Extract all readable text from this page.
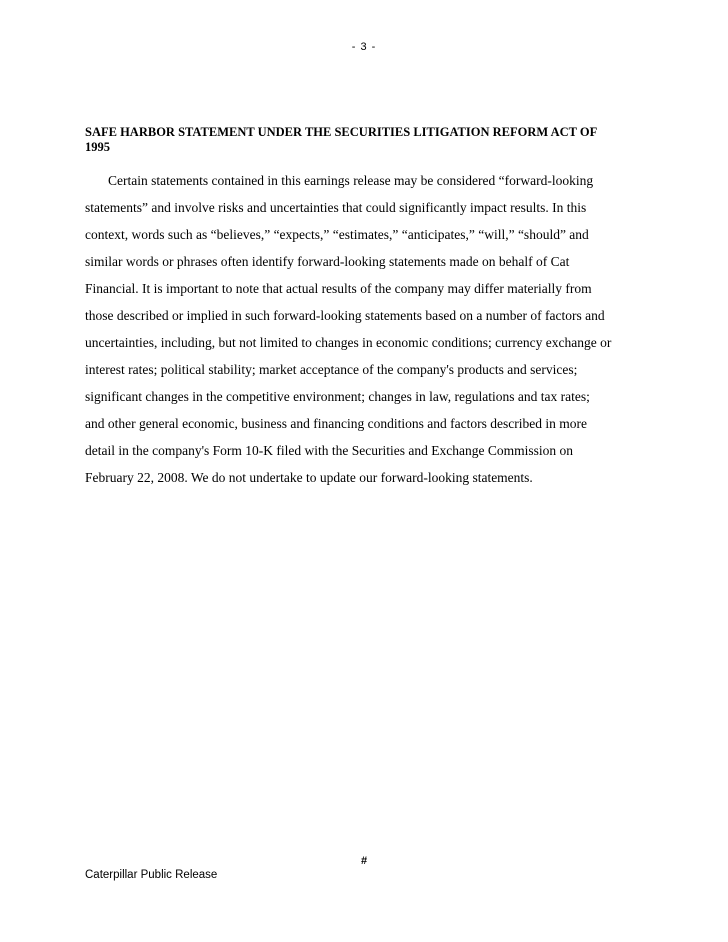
- 3 -
SAFE HARBOR STATEMENT UNDER THE SECURITIES LITIGATION REFORM ACT OF
1995
Certain statements contained in this earnings release may be considered “forward-looking
statements” and involve risks and uncertainties that could significantly impact results. In this
context, words such as “believes,” “expects,” “estimates,” “anticipates,” “will,” “should” and
similar words or phrases often identify forward-looking statements made on behalf of Cat
Financial. It is important to note that actual results of the company may differ materially from
those described or implied in such forward-looking statements based on a number of factors and
uncertainties, including, but not limited to changes in economic conditions; currency exchange or
interest rates; political stability; market acceptance of the company's products and services;
significant changes in the competitive environment; changes in law, regulations and tax rates;
and other general economic, business and financing conditions and factors described in more
detail in the company's Form 10-K filed with the Securities and Exchange Commission on
February 22, 2008. We do not undertake to update our forward-looking statements.
#
Caterpillar Public Release
